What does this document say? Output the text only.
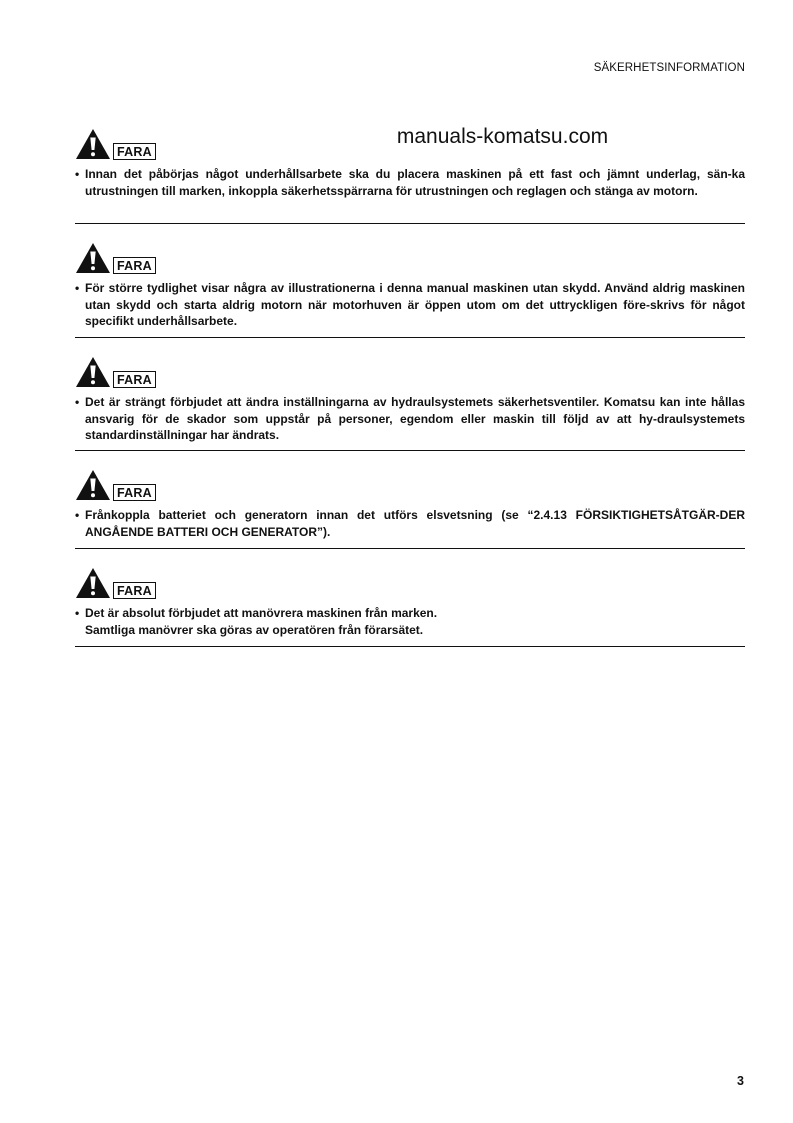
SÄKERHETSINFORMATION
manuals-komatsu.com
FARA
• Innan det påbörjas något underhållsarbete ska du placera maskinen på ett fast och jämnt underlag, sän-ka utrustningen till marken, inkoppla säkerhetsspärrarna för utrustningen och reglagen och stänga av motorn.
FARA
• För större tydlighet visar några av illustrationerna i denna manual maskinen utan skydd. Använd aldrig maskinen utan skydd och starta aldrig motorn när motorhuven är öppen utom om det uttryckligen före-skrivs för något specifikt underhållsarbete.
FARA
• Det är strängt förbjudet att ändra inställningarna av hydraulsystemets säkerhetsventiler. Komatsu kan inte hållas ansvarig för de skador som uppstår på personer, egendom eller maskin till följd av att hy-draulsystemets standardinställningar har ändrats.
FARA
• Frånkoppla batteriet och generatorn innan det utförs elsvetsning (se “2.4.13 FÖRSIKTIGHETSÅTGÄR-DER ANGÅENDE BATTERI OCH GENERATOR”).
FARA
• Det är absolut förbjudet att manövrera maskinen från marken.

Samtliga manövrer ska göras av operatören från förarsätet.

3
